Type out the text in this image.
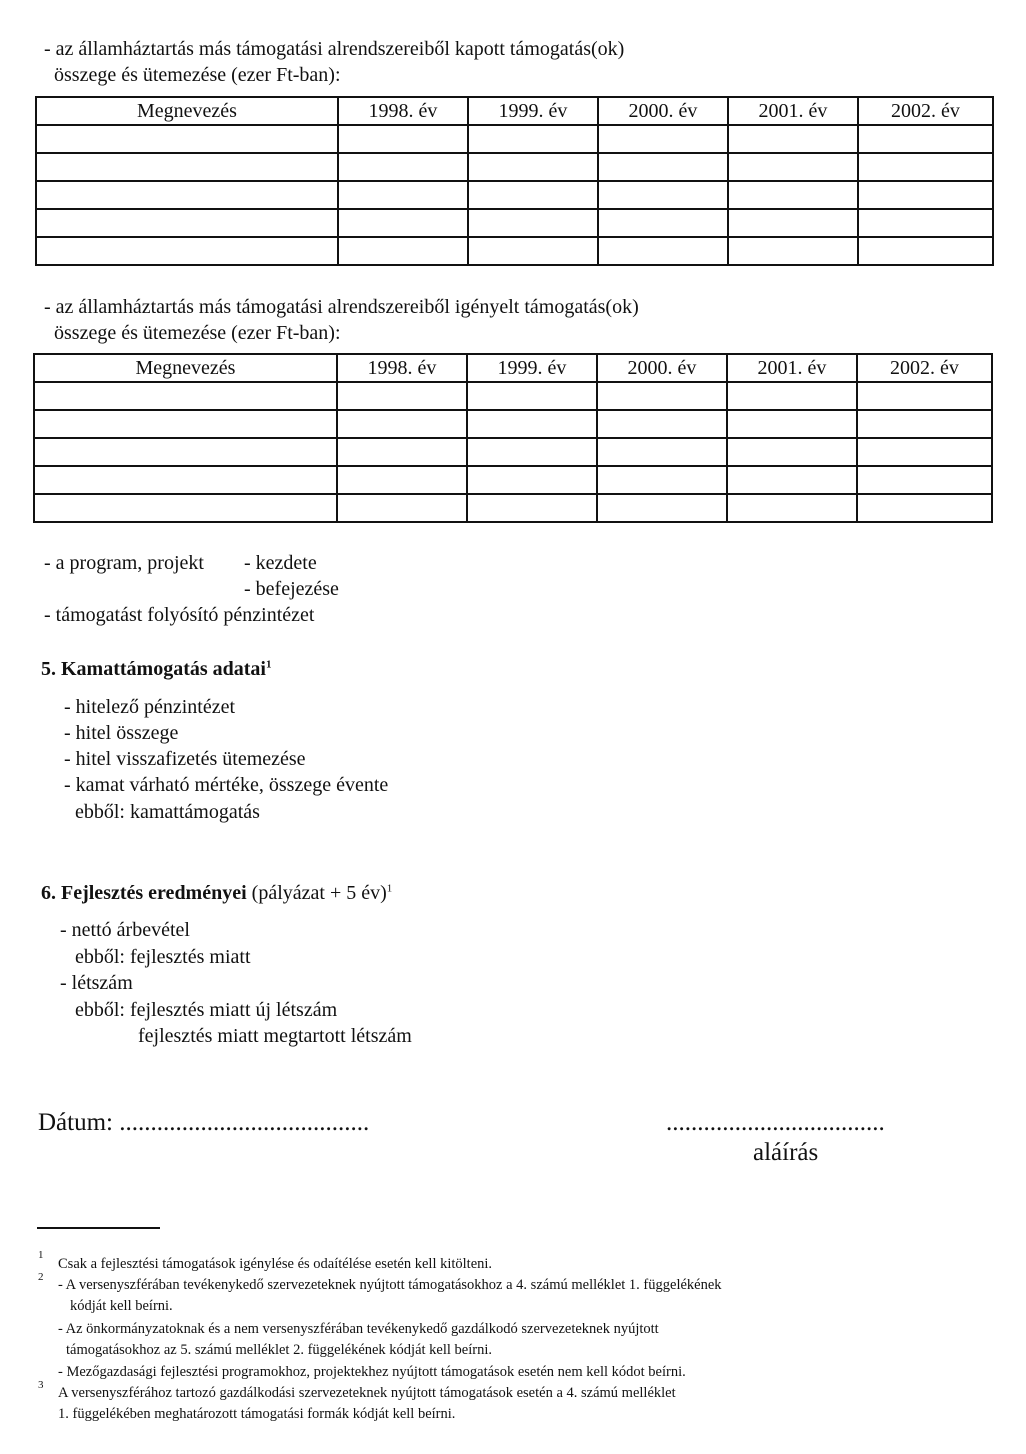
- az államháztartás más támogatási alrendszereiből kapott támogatás(ok)
összege és ütemezése (ezer Ft-ban):
Megnevezés	1998. év	1999. év	2000. év	2001. év	2002. év

- az államháztartás más támogatási alrendszereiből igényelt támogatás(ok)
összege és ütemezése (ezer Ft-ban):
Megnevezés	1998. év	1999. év	2000. év	2001. év	2002. év

- a program, projekt - kezdete
- befejezése
- támogatást folyósító pénzintézet
5. Kamattámogatás adatai$^1$
- hitelező pénzintézet
- hitel összege
- hitel visszafizetés ütemezése
- kamat várható mértéke, összege évente
ebből: kamattámogatás
6. Fejlesztés eredményei (pályázat + 5 év)$^1$
- nettó árbevétel
ebből: fejlesztés miatt
- létszám
ebből: fejlesztés miatt új létszám
fejlesztés miatt megtartott létszám
Dátum: ........................................	...................................
aláírás
1
Csak a fejlesztési támogatások igénylése és odaítélése esetén kell kitölteni.
2 - A versenyszférában tevékenykedő szervezeteknek nyújtott támogatásokhoz a 4. számú melléklet 1. függelékének
kódját kell beírni.
- Az önkormányzatoknak és a nem versenyszférában tevékenykedő gazdálkodó szervezeteknek nyújtott
támogatásokhoz az 5. számú melléklet 2. függelékének kódját kell beírni.
- Mezőgazdasági fejlesztési programokhoz, projektekhez nyújtott támogatások esetén nem kell kódot beírni.
3 A versenyszférához tartozó gazdálkodási szervezeteknek nyújtott támogatások esetén a 4. számú melléklet
1. függelékében meghatározott támogatási formák kódját kell beírni.
